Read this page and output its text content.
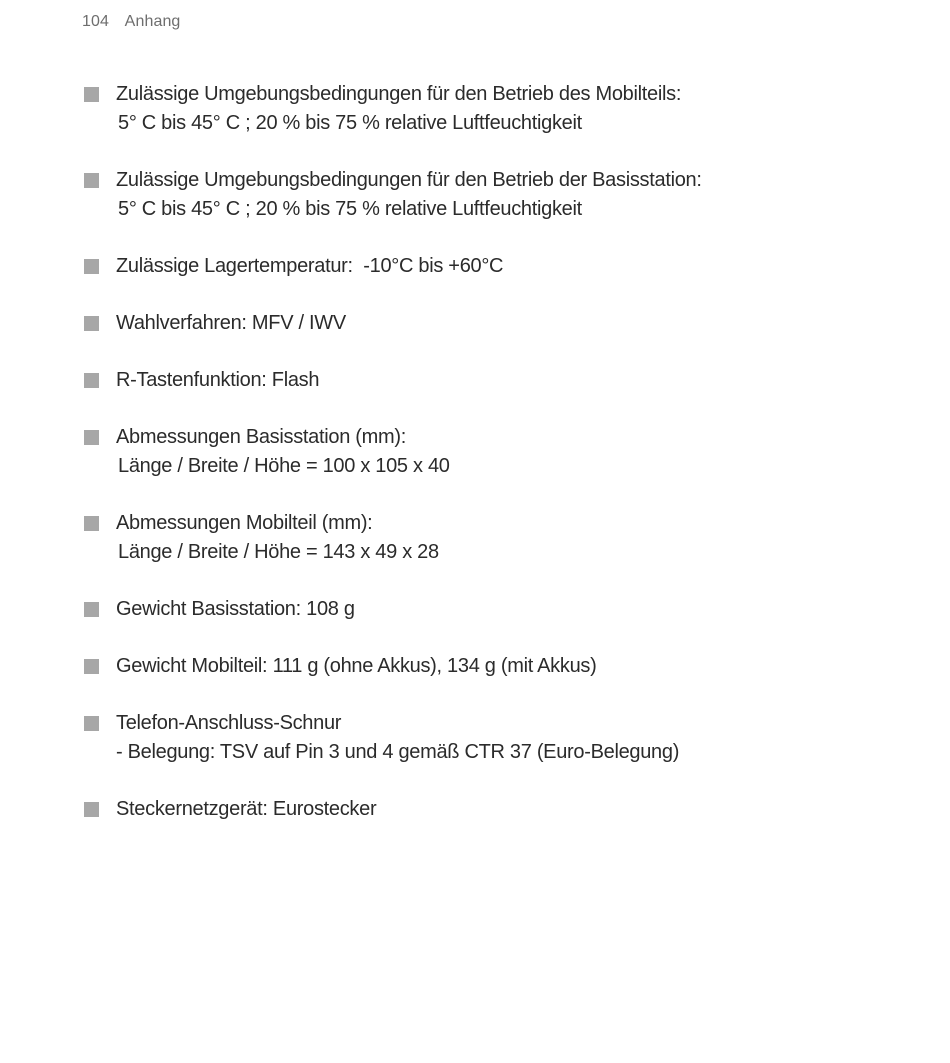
104 Anhang
Zulässige Umgebungsbedingungen für den Betrieb des Mobilteils:
5° C bis 45° C ; 20 % bis 75 % relative Luftfeuchtigkeit
Zulässige Umgebungsbedingungen für den Betrieb der Basisstation:
5° C bis 45° C ; 20 % bis 75 % relative Luftfeuchtigkeit
Zulässige Lagertemperatur:  -10°C bis +60°C
Wahlverfahren: MFV / IWV
R-Tastenfunktion: Flash
Abmessungen Basisstation (mm):
Länge / Breite / Höhe = 100 x 105 x 40
Abmessungen Mobilteil (mm):
Länge / Breite / Höhe = 143 x 49 x 28
Gewicht Basisstation: 108 g
Gewicht Mobilteil: 111 g (ohne Akkus), 134 g (mit Akkus)
Telefon-Anschluss-Schnur
- Belegung: TSV auf Pin 3 und 4 gemäß CTR 37 (Euro-Belegung)
Steckernetzgerät: Eurostecker
